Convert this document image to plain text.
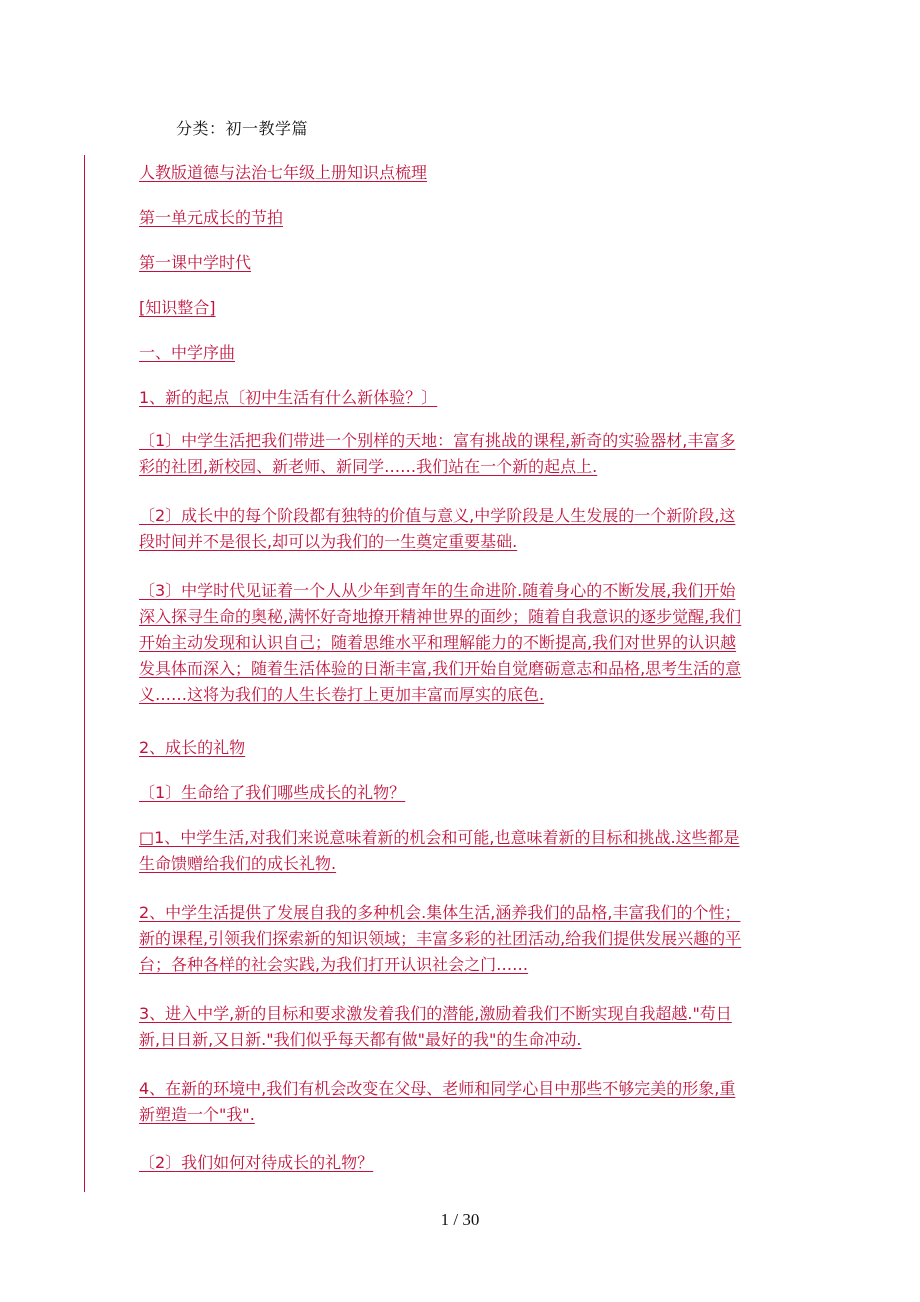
分类：初一教学篇
人教版道德与法治七年级上册知识点梳理
第一单元成长的节拍
第一课中学时代
[知识整合]
一、中学序曲
1、新的起点〔初中生活有什么新体验？〕
〔1〕中学生活把我们带进一个别样的天地：富有挑战的课程,新奇的实验器材,丰富多
彩的社团,新校园、新老师、新同学……我们站在一个新的起点上.
〔2〕成长中的每个阶段都有独特的价值与意义,中学阶段是人生发展的一个新阶段,这
段时间并不是很长,却可以为我们的一生奠定重要基础.
〔3〕中学时代见证着一个人从少年到青年的生命进阶.随着身心的不断发展,我们开始
深入探寻生命的奥秘,满怀好奇地撩开精神世界的面纱；随着自我意识的逐步觉醒,我们
开始主动发现和认识自己；随着思维水平和理解能力的不断提高,我们对世界的认识越
发具体而深入；随着生活体验的日渐丰富,我们开始自觉磨砺意志和品格,思考生活的意
义……这将为我们的人生长卷打上更加丰富而厚实的底色.
2、成长的礼物
〔1〕生命给了我们哪些成长的礼物？
□1、中学生活,对我们来说意味着新的机会和可能,也意味着新的目标和挑战.这些都是
生命馈赠给我们的成长礼物.
2、中学生活提供了发展自我的多种机会.集体生活,涵养我们的品格,丰富我们的个性；
新的课程,引领我们探索新的知识领域；丰富多彩的社团活动,给我们提供发展兴趣的平
台；各种各样的社会实践,为我们打开认识社会之门……
3、进入中学,新的目标和要求激发着我们的潜能,激励着我们不断实现自我超越."苟日
新,日日新,又日新."我们似乎每天都有做"最好的我"的生命冲动.
4、在新的环境中,我们有机会改变在父母、老师和同学心目中那些不够完美的形象,重
新塑造一个"我".
〔2〕我们如何对待成长的礼物？
1 / 30
